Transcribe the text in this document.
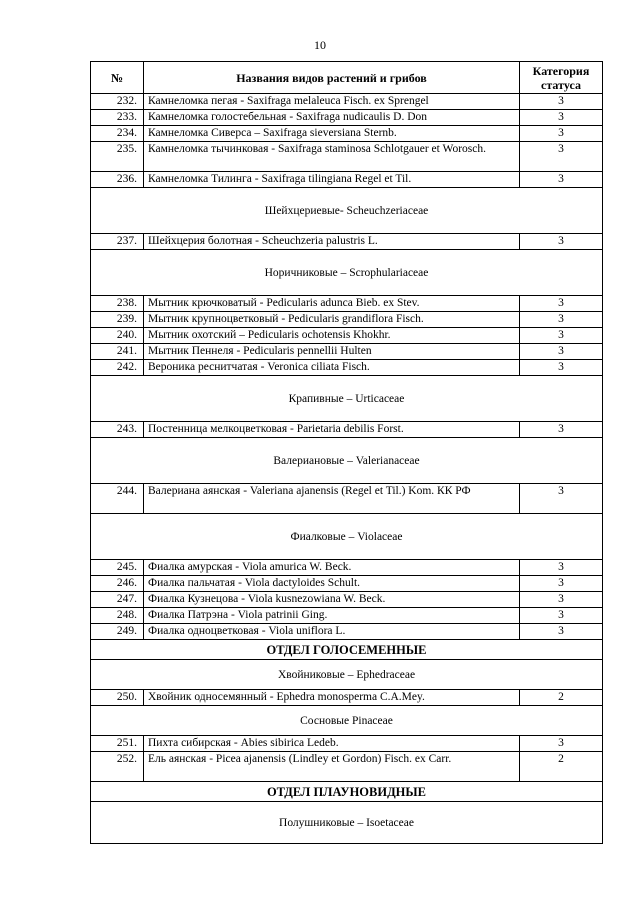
10
№	Названия видов растений и грибов	Категория статуса
232.	Камнеломка пегая - Saxifraga melaleuca Fisch. ex Sprengel	3
233.	Камнеломка голостебельная - Saxifraga nudicaulis D. Don	3
234.	Камнеломка Сиверса – Saxifraga sieversiana Sternb.	3
235.	Камнеломка тычинковая - Saxifraga staminosa Schlotgauer et Worosch.	3
236.	Камнеломка Тилинга - Saxifraga tilingiana Regel et Til.	3
Шейхцериевые- Scheuchzeriaceae		
237.	Шейхцерия болотная - Scheuchzeria palustris L.	3
Норичниковые – Scrophulariaceae		
238.	Мытник крючковатый - Pedicularis adunca Bieb. ex Stev.	3
239.	Мытник крупноцветковый - Pedicularis grandiflora Fisch.	3
240.	Мытник охотский – Pedicularis ochotensis Khokhr.	3
241.	Мытник Пеннеля - Pedicularis pennellii Hulten	3
242.	Вероника реснитчатая - Veronica ciliata Fisch.	3
Крапивные – Urticaceae		
243.	Постенница мелкоцветковая - Parietaria debilis Forst.	3
Валериановые – Valerianaceae		
244.	Валериана аянская - Valeriana ajanensis (Regel et Til.) Kom. КК РФ	3
Фиалковые – Violaceae		
245.	Фиалка амурская - Viola amurica W. Beck.	3
246.	Фиалка пальчатая - Viola dactyloides Schult.	3
247.	Фиалка Кузнецова - Viola kusnezowiana W. Beck.	3
248.	Фиалка Патрэна - Viola patrinii Ging.	3
249.	Фиалка одноцветковая - Viola uniflora L.	3
ОТДЕЛ ГОЛОСЕМЕННЫЕ		
Хвойниковые – Ephedraceae		
250.	Хвойник односемянный - Ephedra monosperma C.A.Mey.	2
Сосновые Pinaceae		
251.	Пихта сибирская - Abies sibirica Ledeb.	3
252.	Ель аянская - Picea ajanensis (Lindley et Gordon) Fisch. ex Carr.	2
ОТДЕЛ ПЛАУНОВИДНЫЕ		
Полушниковые – Isoetaceae		
